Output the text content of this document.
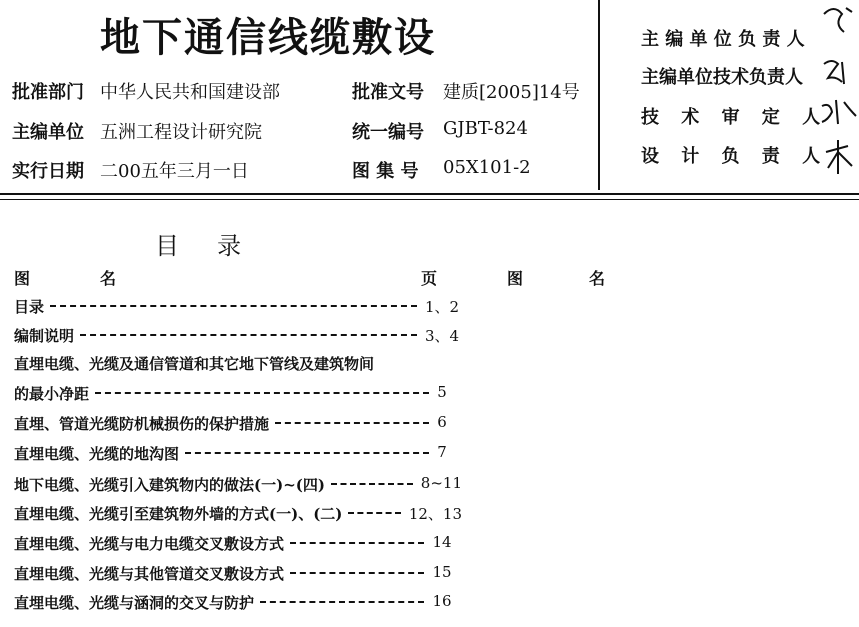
地下通信线缆敷设
批准部门 中华人民共和国建设部
主编单位 五洲工程设计研究院
实行日期 二00五年三月一日
批准文号 建质[2005]14号
统一编号 GJBT-824
图 集 号 05X101-2
主 编 单 位 负 责 人
主编单位技术负责人
技 术 审 定 人
设 计 负 责 人
目     录
图	名	页	图	名
目录	1、2
编制说明	3、4
直埋电缆、光缆及通信管道和其它地下管线及建筑物间
的最小净距	5
直埋、管道光缆防机械损伤的保护措施	6
直埋电缆、光缆的地沟图	7
地下电缆、光缆引入建筑物内的做法(一)~(四)	8~11
直埋电缆、光缆引至建筑物外墙的方式(一)、(二)	12、13
直埋电缆、光缆与电力电缆交叉敷设方式	14
直埋电缆、光缆与其他管道交叉敷设方式	15
直埋电缆、光缆与涵洞的交叉与防护	16
